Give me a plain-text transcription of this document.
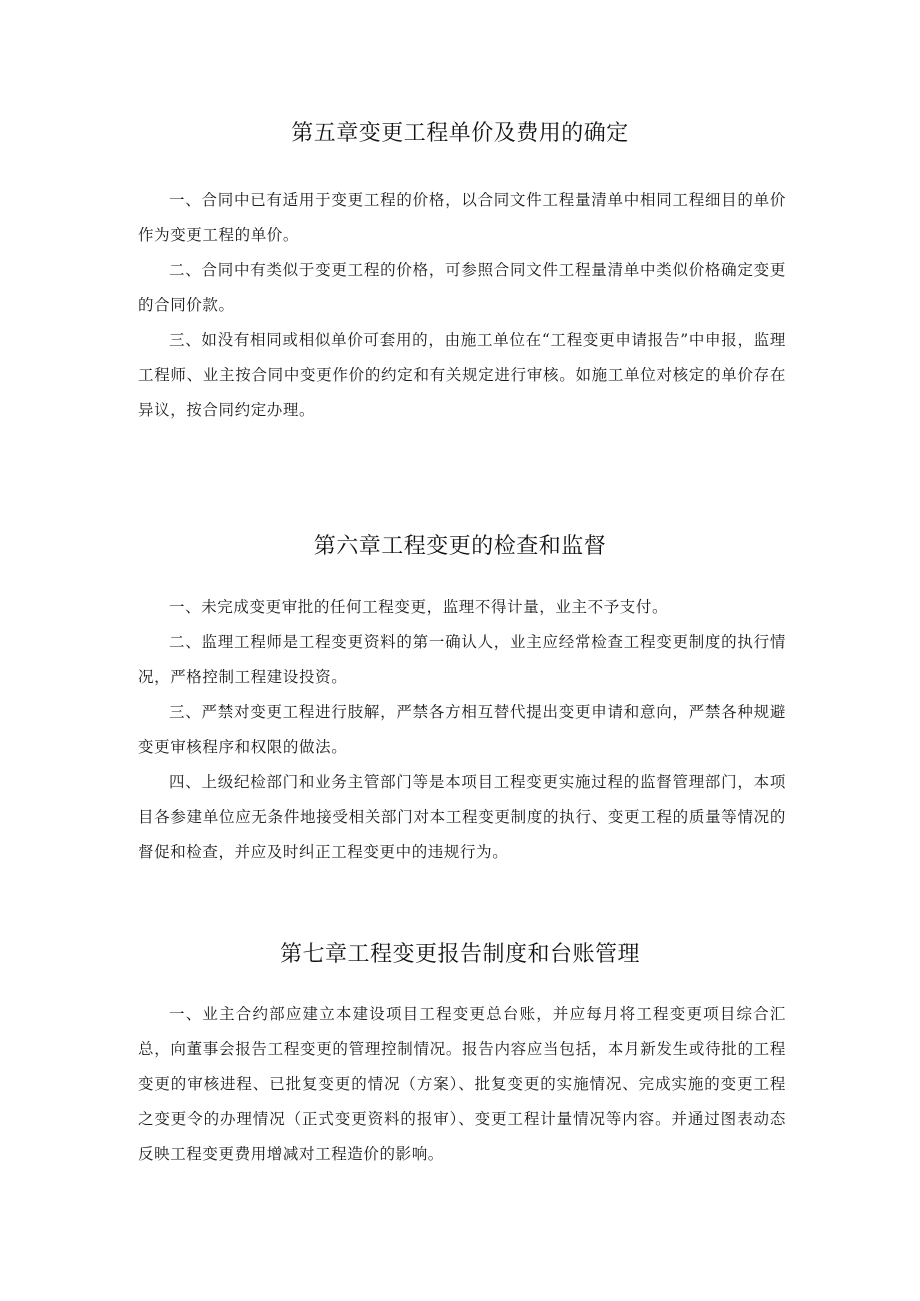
第五章变更工程单价及费用的确定

一、合同中已有适用于变更工程的价格，以合同文件工程量清单中相同工程细目的单价作为变更工程的单价。

二、合同中有类似于变更工程的价格，可参照合同文件工程量清单中类似价格确定变更的合同价款。

三、如没有相同或相似单价可套用的，由施工单位在“工程变更申请报告”中申报，监理工程师、业主按合同中变更作价的约定和有关规定进行审核。如施工单位对核定的单价存在异议，按合同约定办理。

第六章工程变更的检查和监督

一、未完成变更审批的任何工程变更，监理不得计量，业主不予支付。

二、监理工程师是工程变更资料的第一确认人，业主应经常检查工程变更制度的执行情况，严格控制工程建设投资。

三、严禁对变更工程进行肢解，严禁各方相互替代提出变更申请和意向，严禁各种规避变更审核程序和权限的做法。

四、上级纪检部门和业务主管部门等是本项目工程变更实施过程的监督管理部门，本项目各参建单位应无条件地接受相关部门对本工程变更制度的执行、变更工程的质量等情况的督促和检查，并应及时纠正工程变更中的违规行为。

第七章工程变更报告制度和台账管理

一、业主合约部应建立本建设项目工程变更总台账，并应每月将工程变更项目综合汇总，向董事会报告工程变更的管理控制情况。报告内容应当包括，本月新发生或待批的工程变更的审核进程、已批复变更的情况（方案）、批复变更的实施情况、完成实施的变更工程之变更令的办理情况（正式变更资料的报审）、变更工程计量情况等内容。并通过图表动态反映工程变更费用增减对工程造价的影响。
